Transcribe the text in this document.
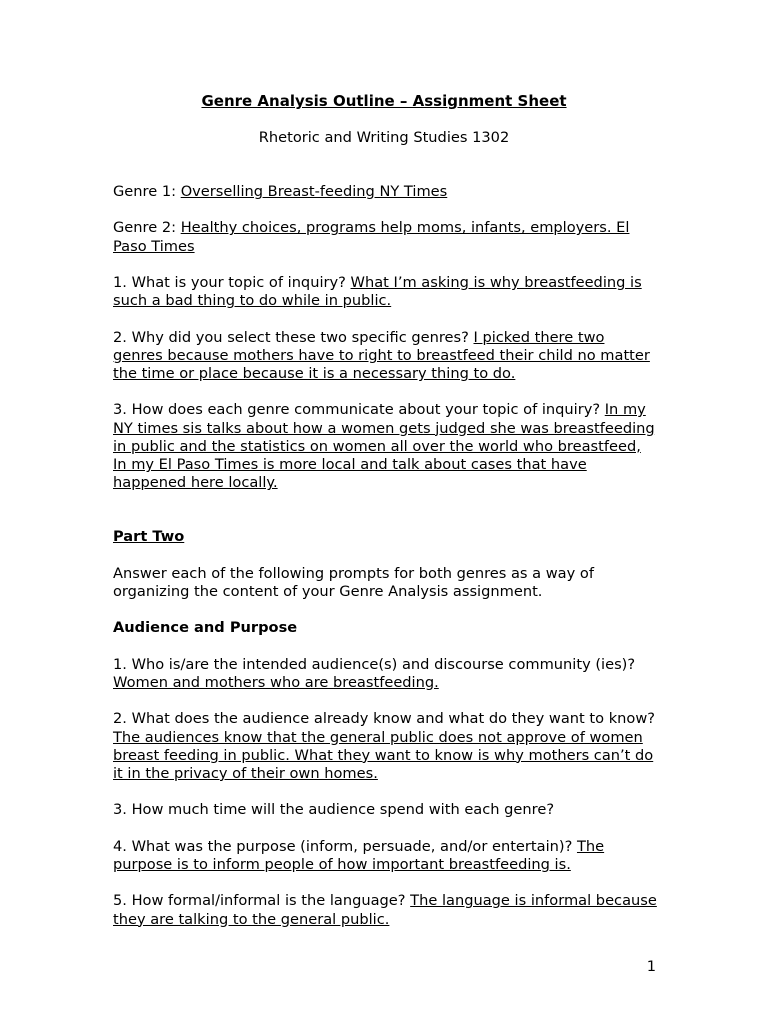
Genre Analysis Outline – Assignment Sheet
Rhetoric and Writing Studies 1302

Genre 1: Overselling Breast-feeding NY Times

Genre 2: Healthy choices, programs help moms, infants, employers. El Paso Times

1. What is your topic of inquiry? What I’m asking is why breastfeeding is such a bad thing to do while in public.

2. Why did you select these two specific genres? I picked there two genres because mothers have to right to breastfeed their child no matter the time or place because it is a necessary thing to do.

3. How does each genre communicate about your topic of inquiry? In my NY times sis talks about how a women gets judged she was breastfeeding in public and the statistics on women all over the world who breastfeed, In my El Paso Times is more local and talk about cases that have happened here locally.

Part Two

Answer each of the following prompts for both genres as a way of organizing the content of your Genre Analysis assignment.

Audience and Purpose

1. Who is/are the intended audience(s) and discourse community (ies)? Women and mothers who are breastfeeding.

2. What does the audience already know and what do they want to know? The audiences know that the general public does not approve of women breast feeding in public. What they want to know is why mothers can’t do it in the privacy of their own homes.

3. How much time will the audience spend with each genre?

4. What was the purpose (inform, persuade, and/or entertain)? The purpose is to inform people of how important breastfeeding is.

5. How formal/informal is the language? The language is informal because they are talking to the general public.

1
